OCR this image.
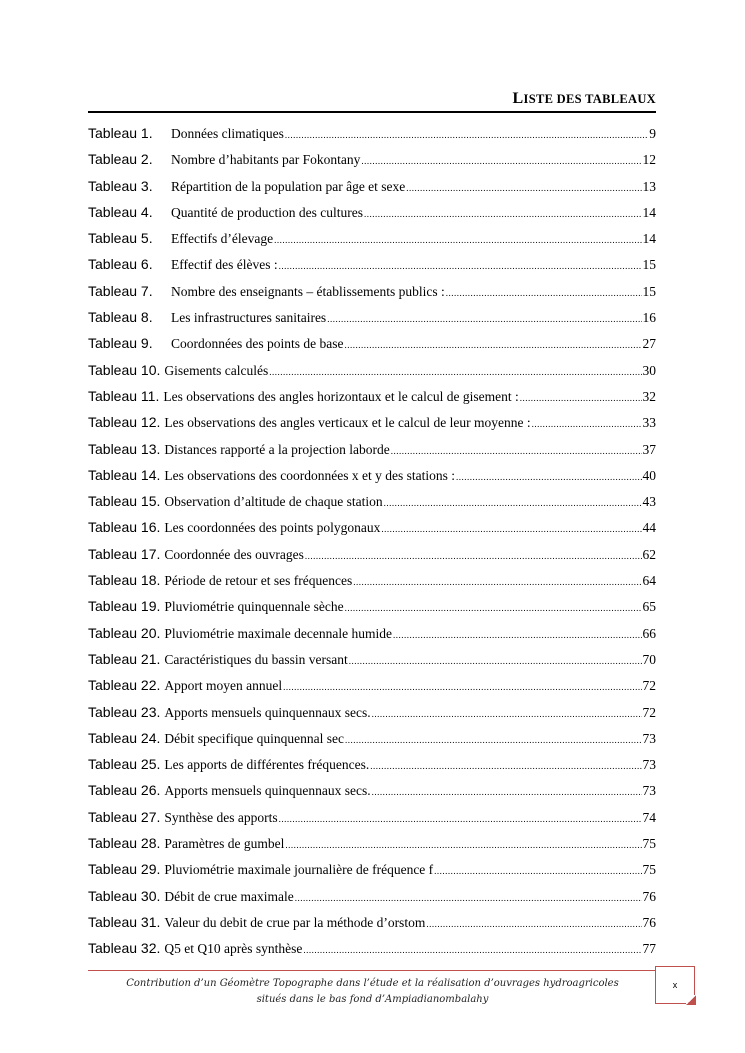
LISTE DES TABLEAUX
Tableau 1.	Données climatiques .....	9
Tableau 2.	Nombre d’habitants par Fokontany .....	12
Tableau 3.	Répartition de la population par âge et sexe .....	13
Tableau 4.	Quantité de production des cultures .....	14
Tableau 5.	Effectifs d’élevage .....	14
Tableau 6.	Effectif des élèves : .....	15
Tableau 7.	Nombre des enseignants – établissements publics : .....	15
Tableau 8.	Les infrastructures sanitaires .....	16
Tableau 9.	Coordonnées des points de base .....	27
Tableau 10. Gisements calculés .....	30
Tableau 11. Les observations des angles horizontaux et le calcul de gisement : .....	32
Tableau 12. Les observations des angles verticaux et le calcul de leur moyenne : .....	33
Tableau 13. Distances rapporté a la projection laborde .....	37
Tableau 14. Les observations des coordonnées x et y des stations : .....	40
Tableau 15. Observation d’altitude de chaque station .....	43
Tableau 16. Les coordonnées des points polygonaux .....	44
Tableau 17. Coordonnée des ouvrages .....	62
Tableau 18. Période de retour et ses fréquences .....	64
Tableau 19. Pluviométrie quinquennale sèche .....	65
Tableau 20. Pluviométrie maximale decennale humide .....	66
Tableau 21. Caractéristiques du bassin versant .....	70
Tableau 22. Apport moyen annuel .....	72
Tableau 23. Apports mensuels quinquennaux secs. .....	72
Tableau 24. Débit specifique quinquennal sec .....	73
Tableau 25. Les apports de différentes fréquences. .....	73
Tableau 26. Apports mensuels quinquennaux secs. .....	73
Tableau 27. Synthèse des apports .....	74
Tableau 28. Paramètres de gumbel .....	75
Tableau 29. Pluviométrie maximale journalière de fréquence f .....	75
Tableau 30. Débit de crue maximale .....	76
Tableau 31. Valeur du debit de crue par la méthode d’orstom .....	76
Tableau 32. Q5 et Q10 après synthèse .....	77
Contribution d’un Géomètre Topographe dans l’étude et la réalisation d’ouvrages hydroagricoles situés dans le bas fond d’Ampiadianombalahy
x
